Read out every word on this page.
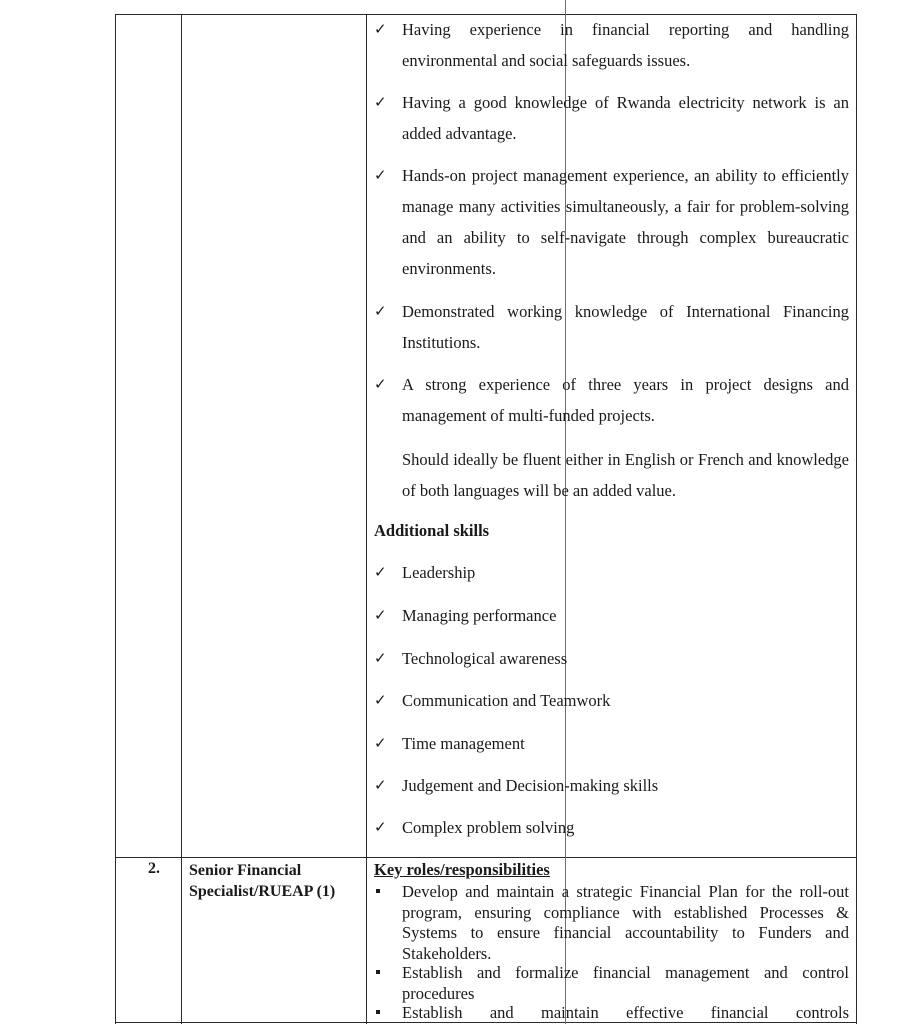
✓ Having experience in financial reporting and handling environmental and social safeguards issues.
✓ Having a good knowledge of Rwanda electricity network is an added advantage.
✓ Hands-on project management experience, an ability to efficiently manage many activities simultaneously, a fair for problem-solving and an ability to self-navigate through complex bureaucratic environments.
✓ Demonstrated working knowledge of International Financing Institutions.
✓ A strong experience of three years in project designs and management of multi-funded projects.
Should ideally be fluent either in English or French and knowledge of both languages will be an added value.
Additional skills
✓ Leadership
✓ Managing performance
✓ Technological awareness
✓ Communication and Teamwork
✓ Time management
✓ Judgement and Decision-making skills
✓ Complex problem solving
2. Senior Financial Specialist/RUEAP (1)
Key roles/responsibilities
Develop and maintain a strategic Financial Plan for the roll-out program, ensuring compliance with established Processes & Systems to ensure financial accountability to Funders and Stakeholders.
Establish and formalize financial management and control procedures
Establish and maintain effective financial controls
